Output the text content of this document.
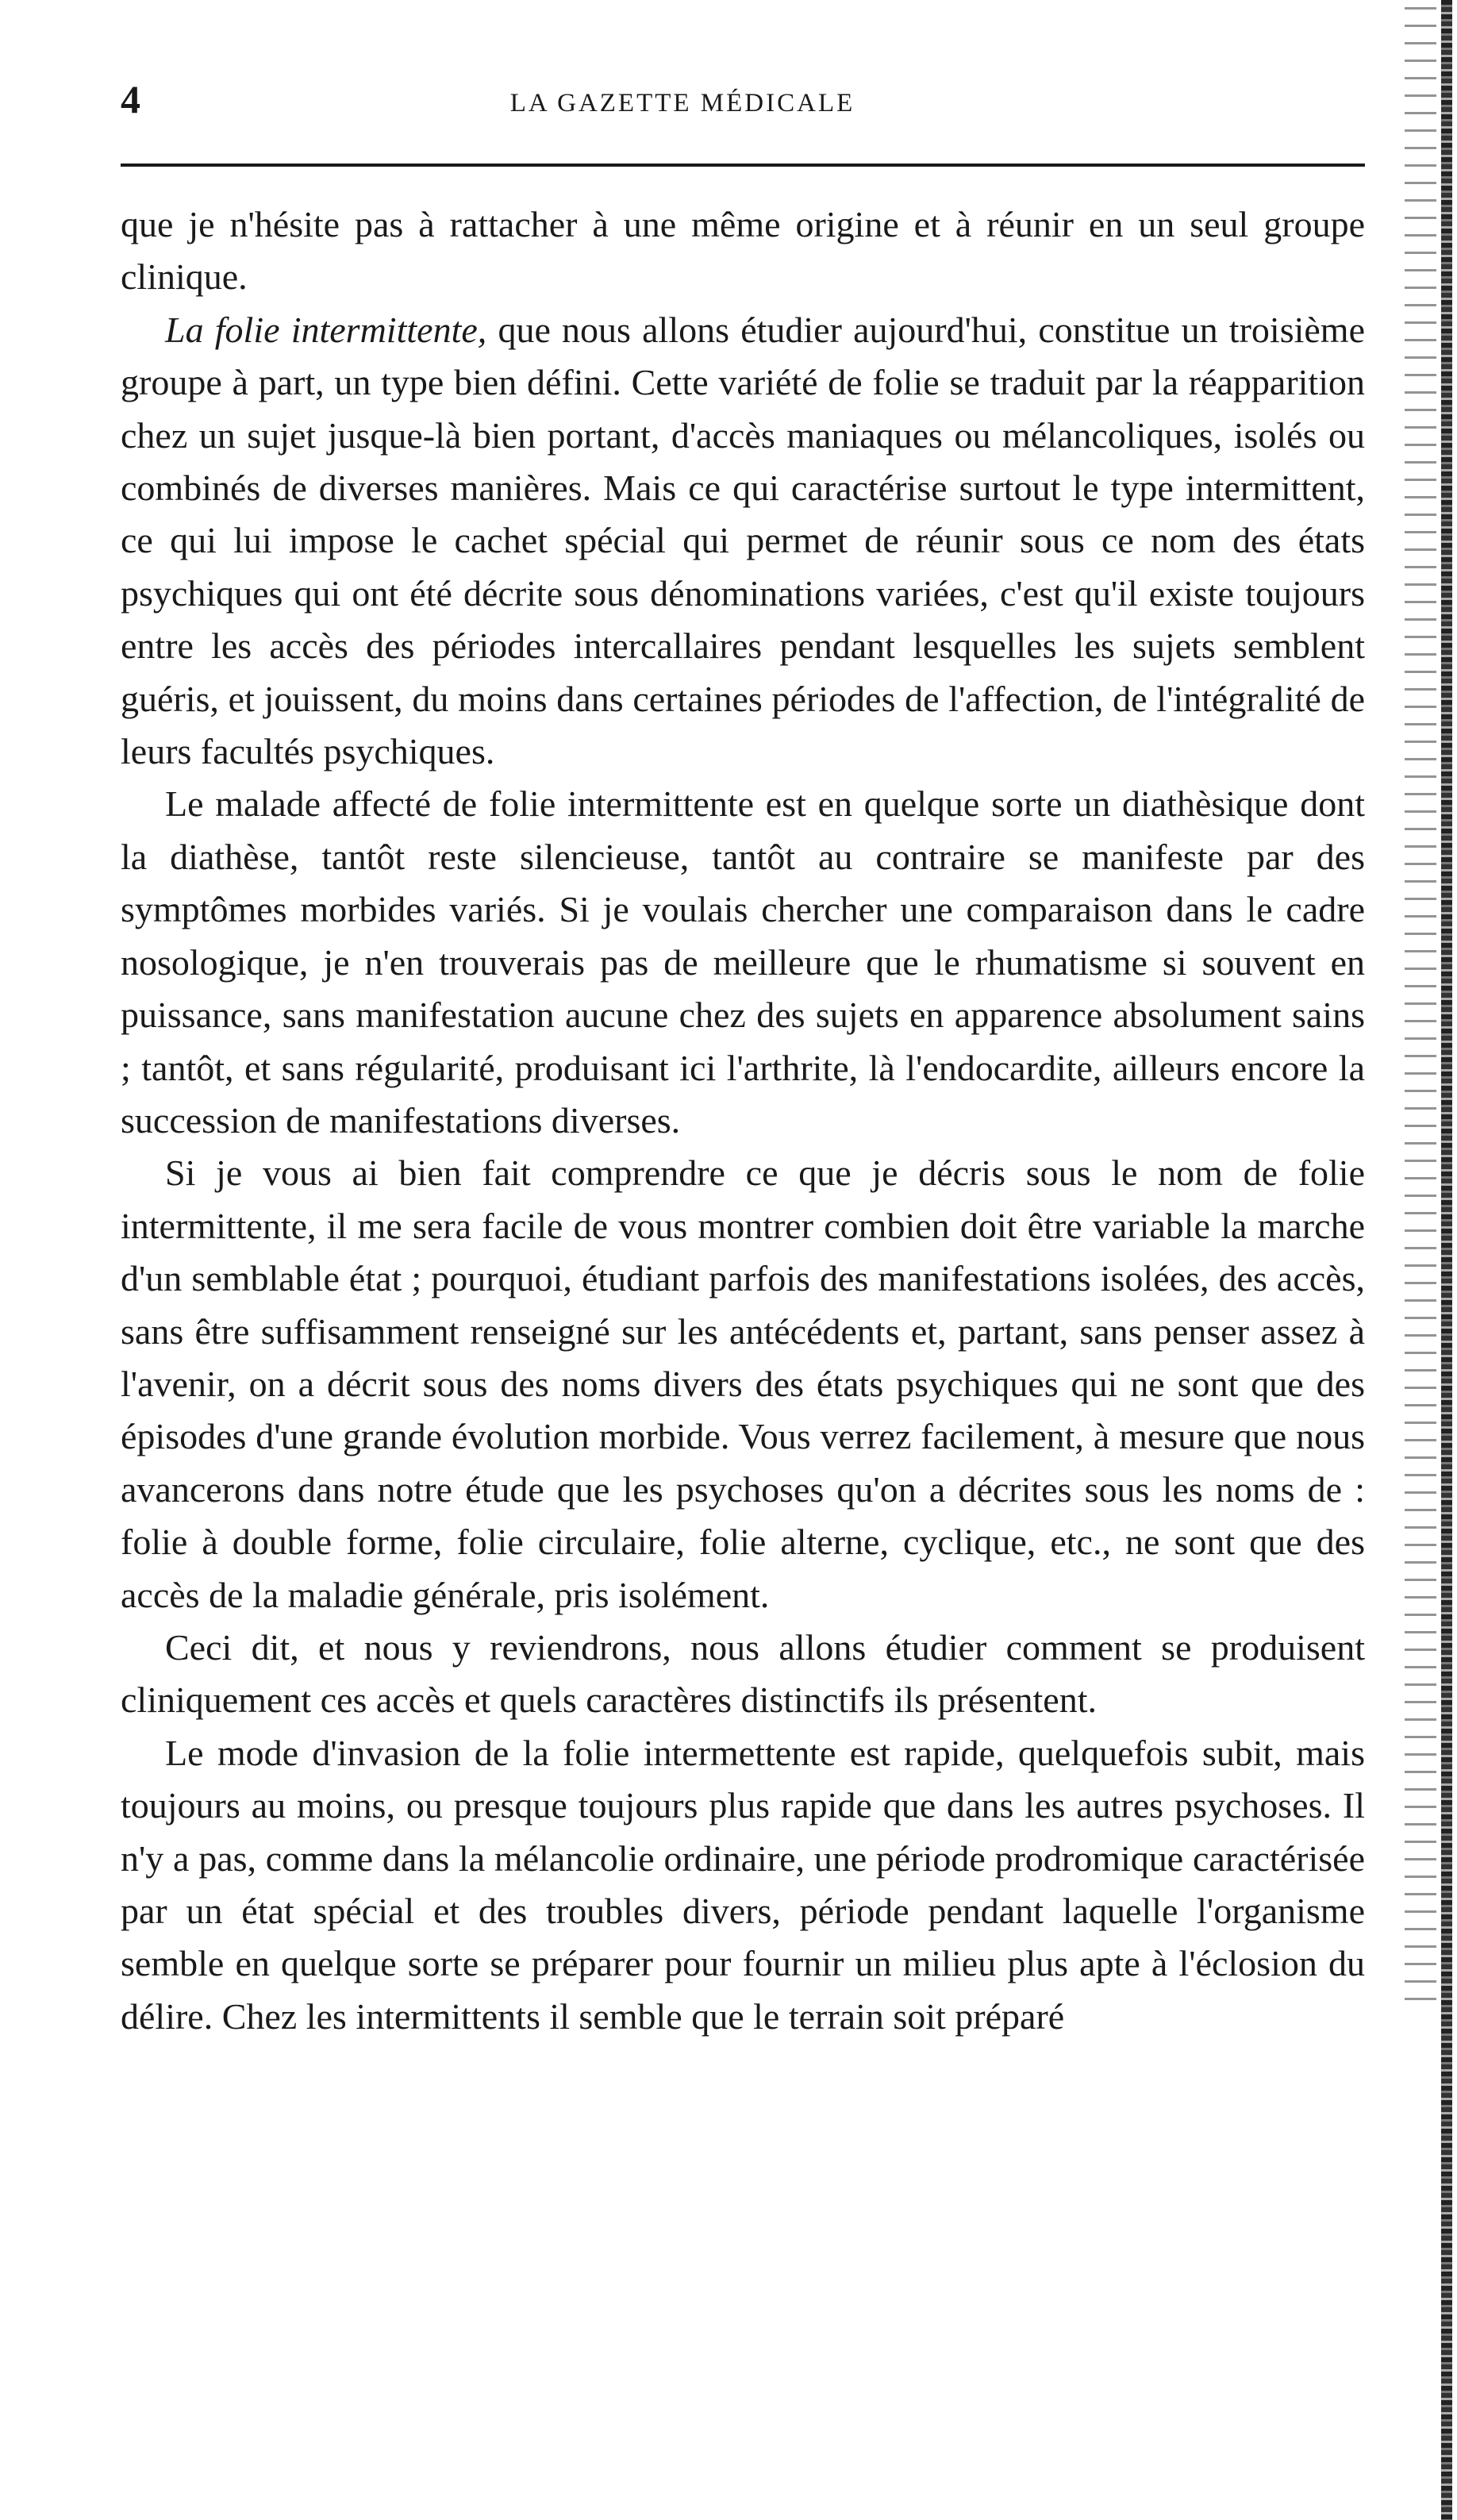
4	LA GAZETTE MÉDICALE

que je n'hésite pas à rattacher à une même origine et à réunir en un seul groupe clinique.

La folie intermittente, que nous allons étudier aujourd'hui, constitue un troisième groupe à part, un type bien défini. Cette variété de folie se traduit par la réapparition chez un sujet jusque-là bien portant, d'accès maniaques ou mélancoliques, isolés ou combinés de diverses manières. Mais ce qui caractérise surtout le type intermittent, ce qui lui impose le cachet spécial qui permet de réunir sous ce nom des états psychiques qui ont été décrite sous dénominations variées, c'est qu'il existe toujours entre les accès des périodes intercallaires pendant lesquelles les sujets semblent guéris, et jouissent, du moins dans certaines périodes de l'affection, de l'intégralité de leurs facultés psychiques.

Le malade affecté de folie intermittente est en quelque sorte un diathèsique dont la diathèse, tantôt reste silencieuse, tantôt au contraire se manifeste par des symptômes morbides variés. Si je voulais chercher une comparaison dans le cadre nosologique, je n'en trouverais pas de meilleure que le rhumatisme si souvent en puissance, sans manifestation aucune chez des sujets en apparence absolument sains ; tantôt, et sans régularité, produisant ici l'arthrite, là l'endocardite, ailleurs encore la succession de manifestations diverses.

Si je vous ai bien fait comprendre ce que je décris sous le nom de folie intermittente, il me sera facile de vous montrer combien doit être variable la marche d'un semblable état ; pourquoi, étudiant parfois des manifestations isolées, des accès, sans être suffisamment renseigné sur les antécédents et, partant, sans penser assez à l'avenir, on a décrit sous des noms divers des états psychiques qui ne sont que des épisodes d'une grande évolution morbide. Vous verrez facilement, à mesure que nous avancerons dans notre étude que les psychoses qu'on a décrites sous les noms de : folie à double forme, folie circulaire, folie alterne, cyclique, etc., ne sont que des accès de la maladie générale, pris isolément.

Ceci dit, et nous y reviendrons, nous allons étudier comment se produisent cliniquement ces accès et quels caractères distinctifs ils présentent.

Le mode d'invasion de la folie intermettente est rapide, quelquefois subit, mais toujours au moins, ou presque toujours plus rapide que dans les autres psychoses. Il n'y a pas, comme dans la mélancolie ordinaire, une période prodromique caractérisée par un état spécial et des troubles divers, période pendant laquelle l'organisme semble en quelque sorte se préparer pour fournir un milieu plus apte à l'éclosion du délire. Chez les intermittents il semble que le terrain soit préparé
